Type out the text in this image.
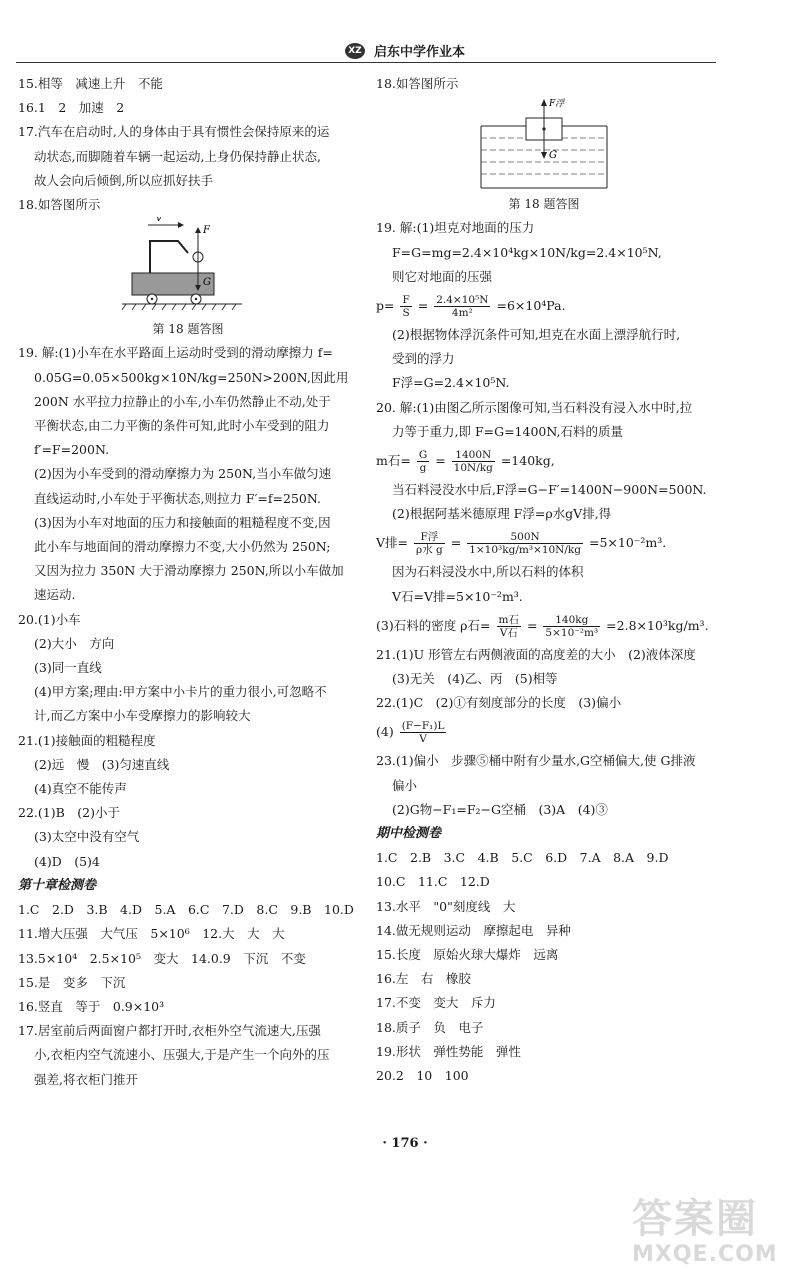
XZ 启东中学作业本
15.相等　减速上升　不能
16.1　2　加速　2
17.汽车在启动时,人的身体由于具有惯性会保持原来的运
动状态,而脚随着车辆一起运动,上身仍保持静止状态,
故人会向后倾倒,所以应抓好扶手
18.如答图所示
v
F
G
第 18 题答图
19. 解:(1)小车在水平路面上运动时受到的滑动摩擦力 f=
0.05G=0.05×500kg×10N/kg=250N>200N,因此用
200N 水平拉力拉静止的小车,小车仍然静止不动,处于
平衡状态,由二力平衡的条件可知,此时小车受到的阻力
f′=F=200N.
(2)因为小车受到的滑动摩擦力为 250N,当小车做匀速
直线运动时,小车处于平衡状态,则拉力 F′=f=250N.
(3)因为小车对地面的压力和接触面的粗糙程度不变,因
此小车与地面间的滑动摩擦力不变,大小仍然为 250N;
又因为拉力 350N 大于滑动摩擦力 250N,所以小车做加
速运动.
20.(1)小车
(2)大小　方向
(3)同一直线
(4)甲方案;理由:甲方案中小卡片的重力很小,可忽略不
计,而乙方案中小车受摩擦力的影响较大
21.(1)接触面的粗糙程度
(2)远　慢　(3)匀速直线
(4)真空不能传声
22.(1)B　(2)小于
(3)太空中没有空气
(4)D　(5)4
第十章检测卷
1.C　2.D　3.B　4.D　5.A　6.C　7.D　8.C　9.B　10.D
11.增大压强　大气压　5×10⁶　12.大　大　大
13.5×10⁴　2.5×10⁵　变大　14.0.9　下沉　不变
15.是　变多　下沉
16.竖直　等于　0.9×10³
17.居室前后两面窗户都打开时,衣柜外空气流速大,压强
小,衣柜内空气流速小、压强大,于是产生一个向外的压
强差,将衣柜门推开
18.如答图所示
F浮
G
第 18 题答图
19. 解:(1)坦克对地面的压力
F=G=mg=2.4×10⁴kg×10N/kg=2.4×10⁵N,
则它对地面的压强
$p= \frac{F}{S} = \frac{\text{2.4×10⁵N}}{\text{4m²}} =6\times 10^4Pa$.
(2)根据物体浮沉条件可知,坦克在水面上漂浮航行时,
受到的浮力
F浮=G=2.4×10⁵N.
20. 解:(1)由图乙所示图像可知,当石料没有浸入水中时,拉
力等于重力,即 F=G=1400N,石料的质量
m石= $\frac{G}{g} = \frac{1400N}{10N/kg} =140kg$,
当石料浸没水中后,F浮=G−F′=1400N−900N=500N.
(2)根据阿基米德原理 F浮=ρ水gV排,得
V排= $\frac{\text{F浮}}{\text{ρ水 g}} = \frac{500N}{\text{1×10³kg/m³×10N/kg}} =5\times 10^{-2}m^3$.
因为石料浸没水中,所以石料的体积
V石=V排=5×10⁻²m³.
(3)石料的密度 ρ石= $\frac{\text{m石}}{\text{V石}} = \frac{140kg}{\text{5×10⁻²m³}} =2.8\times 10^3kg/m^3$.
21.(1)U 形管左右两侧液面的高度差的大小　(2)液体深度
(3)无关　(4)乙、丙　(5)相等
22.(1)C　(2)①有刻度部分的长度　(3)偏小
$(4) \frac{\text{(F−F₁)L}}{V}$
23.(1)偏小　步骤⑤桶中附有少量水,G空桶偏大,使 G排液
偏小
(2)G物−F₁=F₂−G空桶　(3)A　(4)③
期中检测卷
1.C　2.B　3.C　4.B　5.C　6.D　7.A　8.A　9.D
10.C　11.C　12.D
13.水平　"0"刻度线　大
14.做无规则运动　摩擦起电　异种
15.长度　原始火球大爆炸　远离
16.左　右　橡胶
17.不变　变大　斥力
18.质子　负　电子
19.形状　弹性势能　弹性
20.2　10　100
· 176 ·
答案圈
MXQE.COM
